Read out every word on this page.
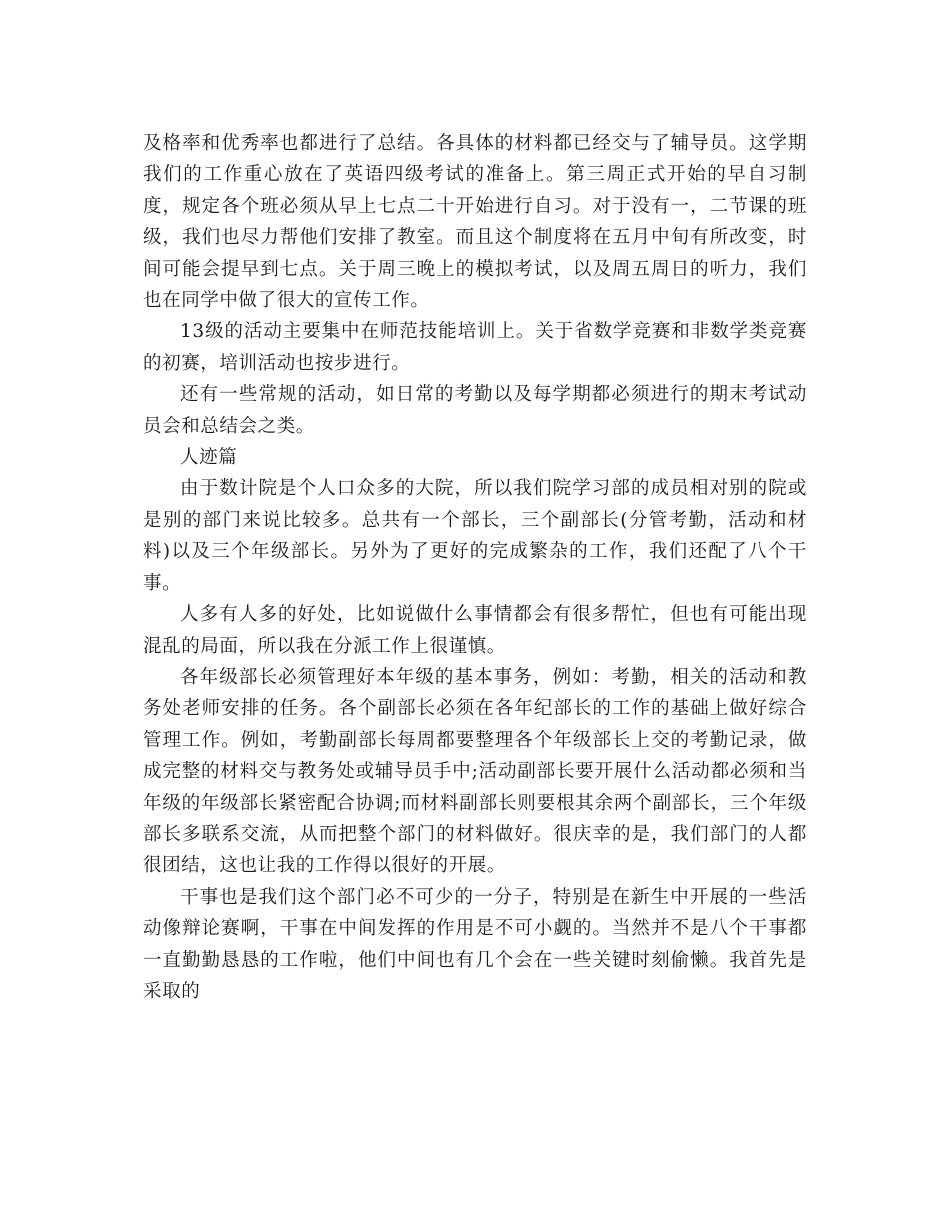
及格率和优秀率也都进行了总结。各具体的材料都已经交与了辅导员。这学期我们的工作重心放在了英语四级考试的准备上。第三周正式开始的早自习制度，规定各个班必须从早上七点二十开始进行自习。对于没有一，二节课的班级，我们也尽力帮他们安排了教室。而且这个制度将在五月中旬有所改变，时间可能会提早到七点。关于周三晚上的模拟考试，以及周五周日的听力，我们也在同学中做了很大的宣传工作。

13级的活动主要集中在师范技能培训上。关于省数学竞赛和非数学类竞赛的初赛，培训活动也按步进行。

还有一些常规的活动，如日常的考勤以及每学期都必须进行的期末考试动员会和总结会之类。

人迹篇

由于数计院是个人口众多的大院，所以我们院学习部的成员相对别的院或是别的部门来说比较多。总共有一个部长，三个副部长(分管考勤，活动和材料)以及三个年级部长。另外为了更好的完成繁杂的工作，我们还配了八个干事。

人多有人多的好处，比如说做什么事情都会有很多帮忙，但也有可能出现混乱的局面，所以我在分派工作上很谨慎。

各年级部长必须管理好本年级的基本事务，例如：考勤，相关的活动和教务处老师安排的任务。各个副部长必须在各年纪部长的工作的基础上做好综合管理工作。例如，考勤副部长每周都要整理各个年级部长上交的考勤记录，做成完整的材料交与教务处或辅导员手中;活动副部长要开展什么活动都必须和当年级的年级部长紧密配合协调;而材料副部长则要根其余两个副部长，三个年级部长多联系交流，从而把整个部门的材料做好。很庆幸的是，我们部门的人都很团结，这也让我的工作得以很好的开展。

干事也是我们这个部门必不可少的一分子，特别是在新生中开展的一些活动像辩论赛啊，干事在中间发挥的作用是不可小觑的。当然并不是八个干事都一直勤勤恳恳的工作啦，他们中间也有几个会在一些关键时刻偷懒。我首先是采取的
